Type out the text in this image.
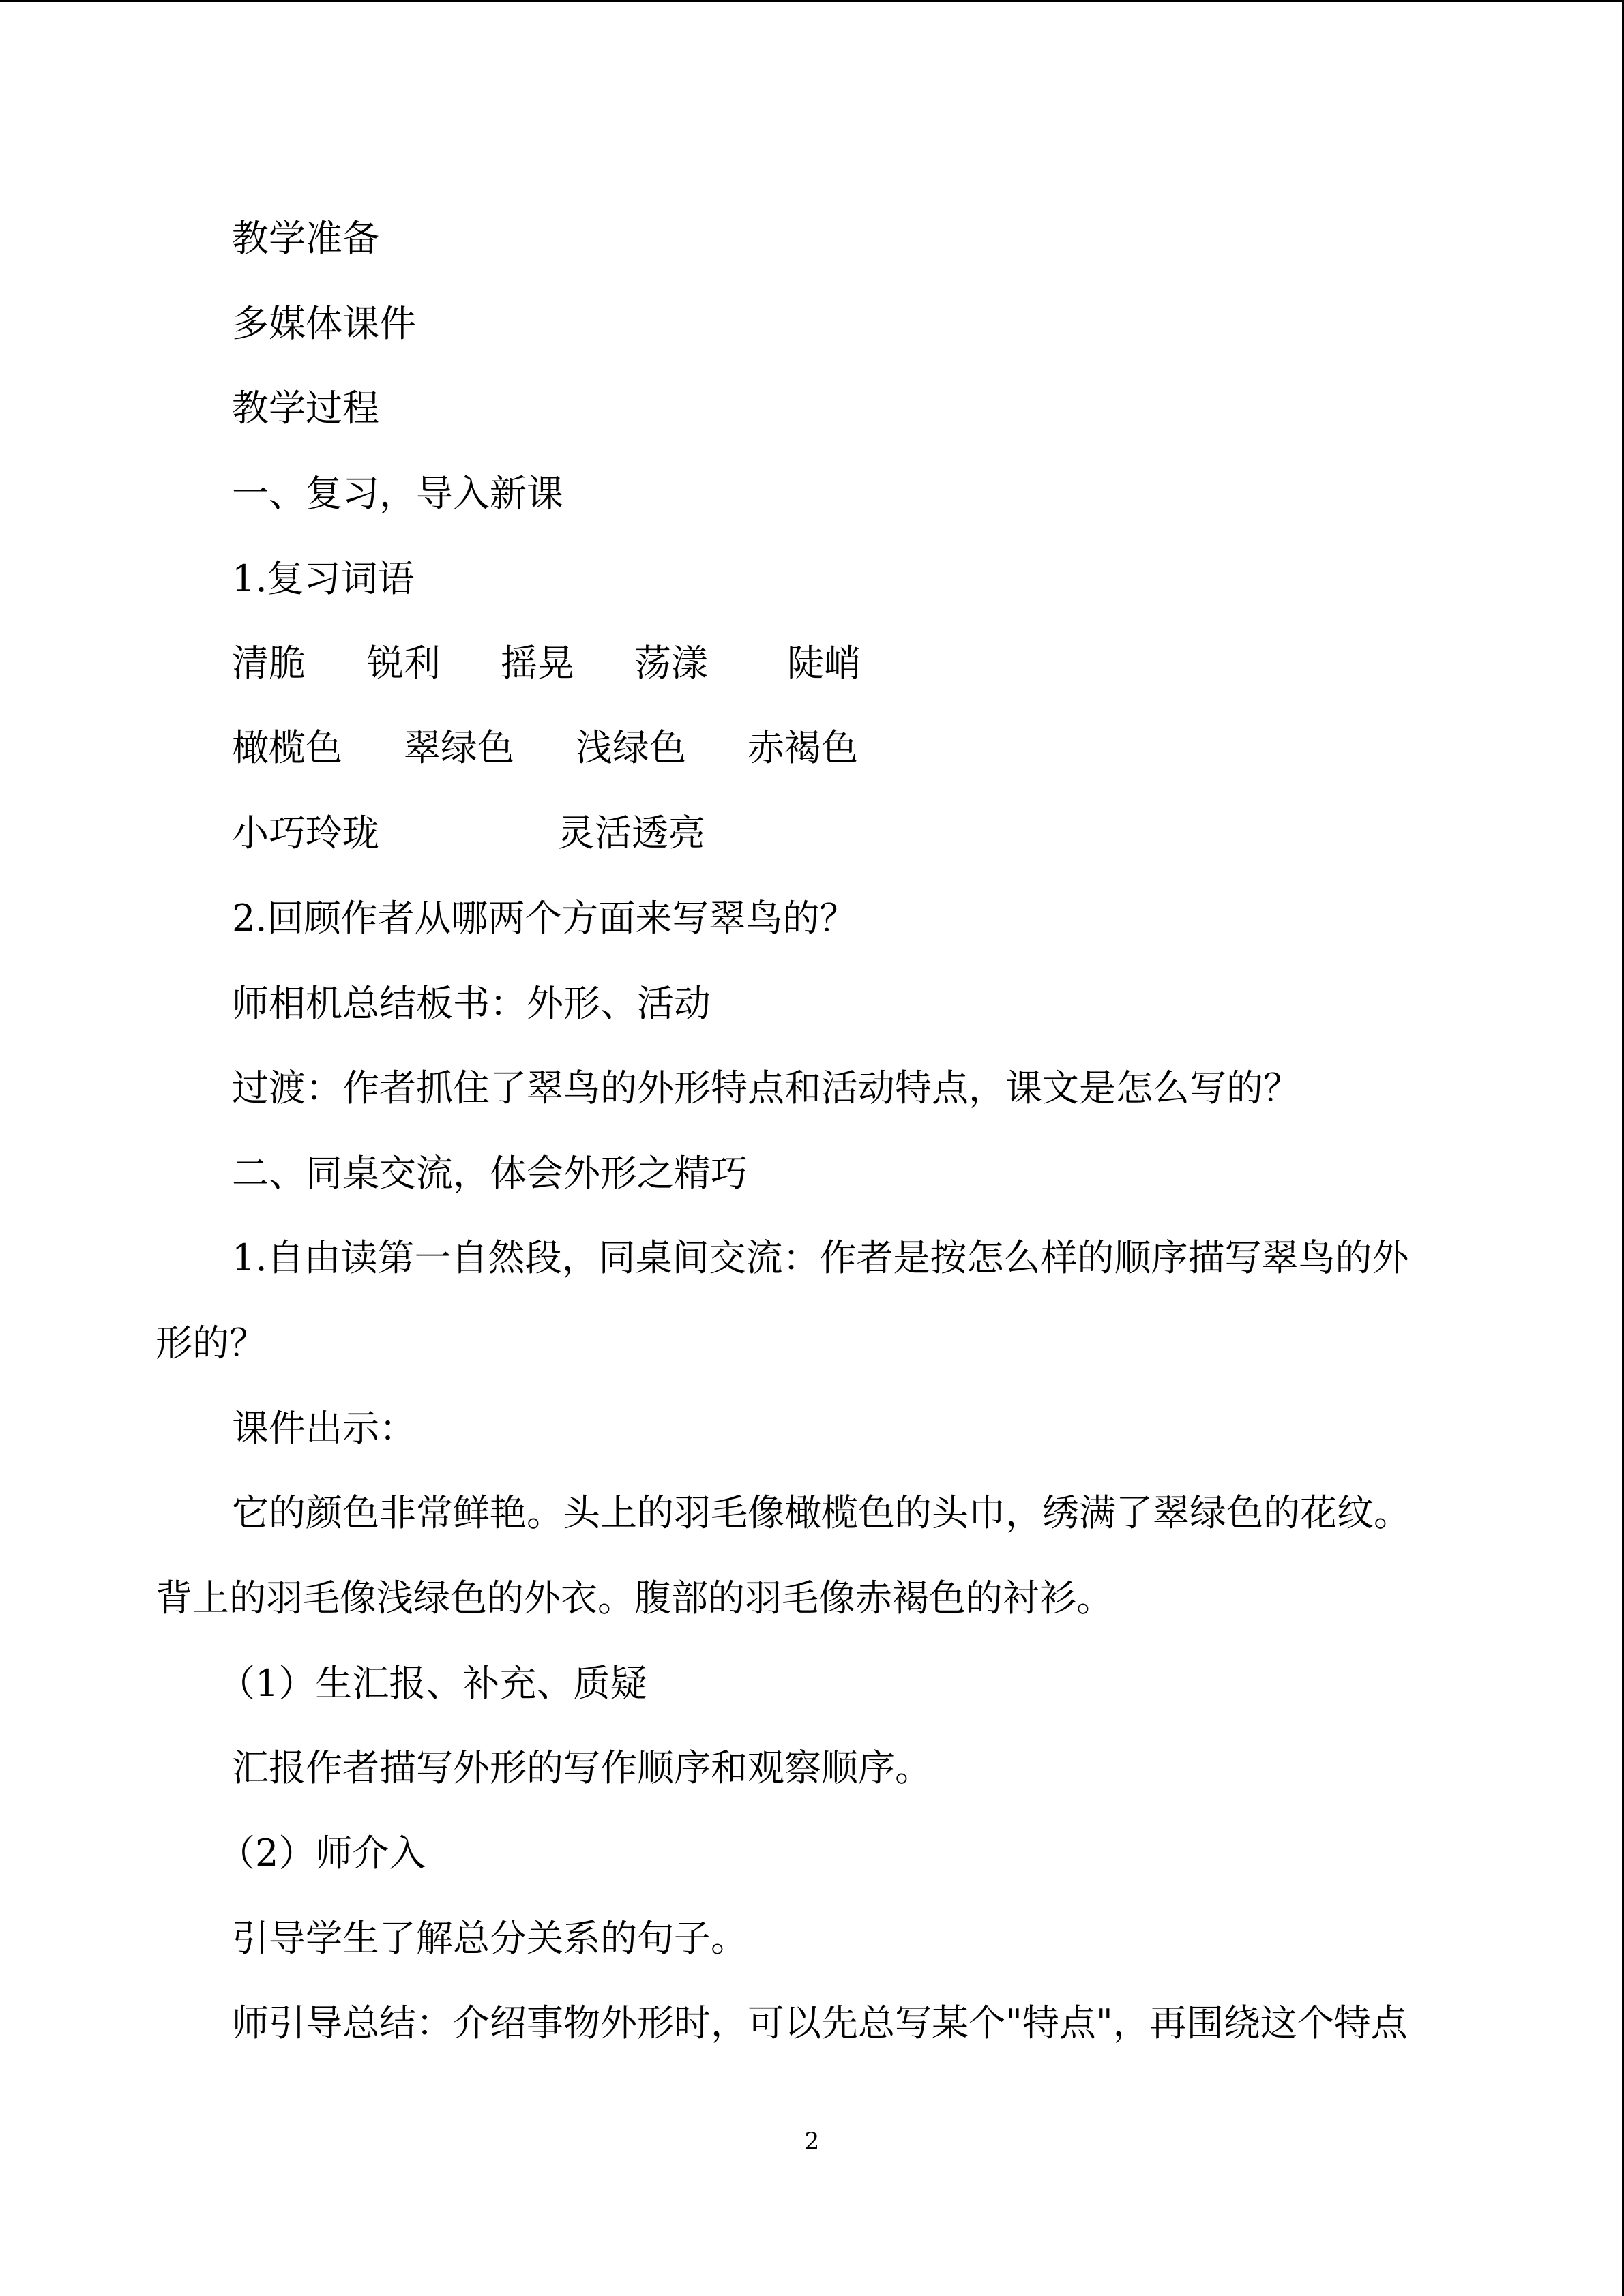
教学准备
多媒体课件
教学过程
一、复习，导入新课
1.复习词语
清脆 锐利 摇晃 荡漾 陡峭
橄榄色 翠绿色 浅绿色 赤褐色
小巧玲珑	灵活透亮
2.回顾作者从哪两个方面来写翠鸟的？
师相机总结板书：外形、活动
过渡：作者抓住了翠鸟的外形特点和活动特点，课文是怎么写的？
二、同桌交流，体会外形之精巧
1.自由读第一自然段，同桌间交流：作者是按怎么样的顺序描写翠鸟的外
形的？
课件出示：
它的颜色非常鲜艳。头上的羽毛像橄榄色的头巾，绣满了翠绿色的花纹。
背上的羽毛像浅绿色的外衣。腹部的羽毛像赤褐色的衬衫。
（1）生汇报、补充、质疑
汇报作者描写外形的写作顺序和观察顺序。
（2）师介入
引导学生了解总分关系的句子。
师引导总结：介绍事物外形时，可以先总写某个"特点"，再围绕这个特点
2
